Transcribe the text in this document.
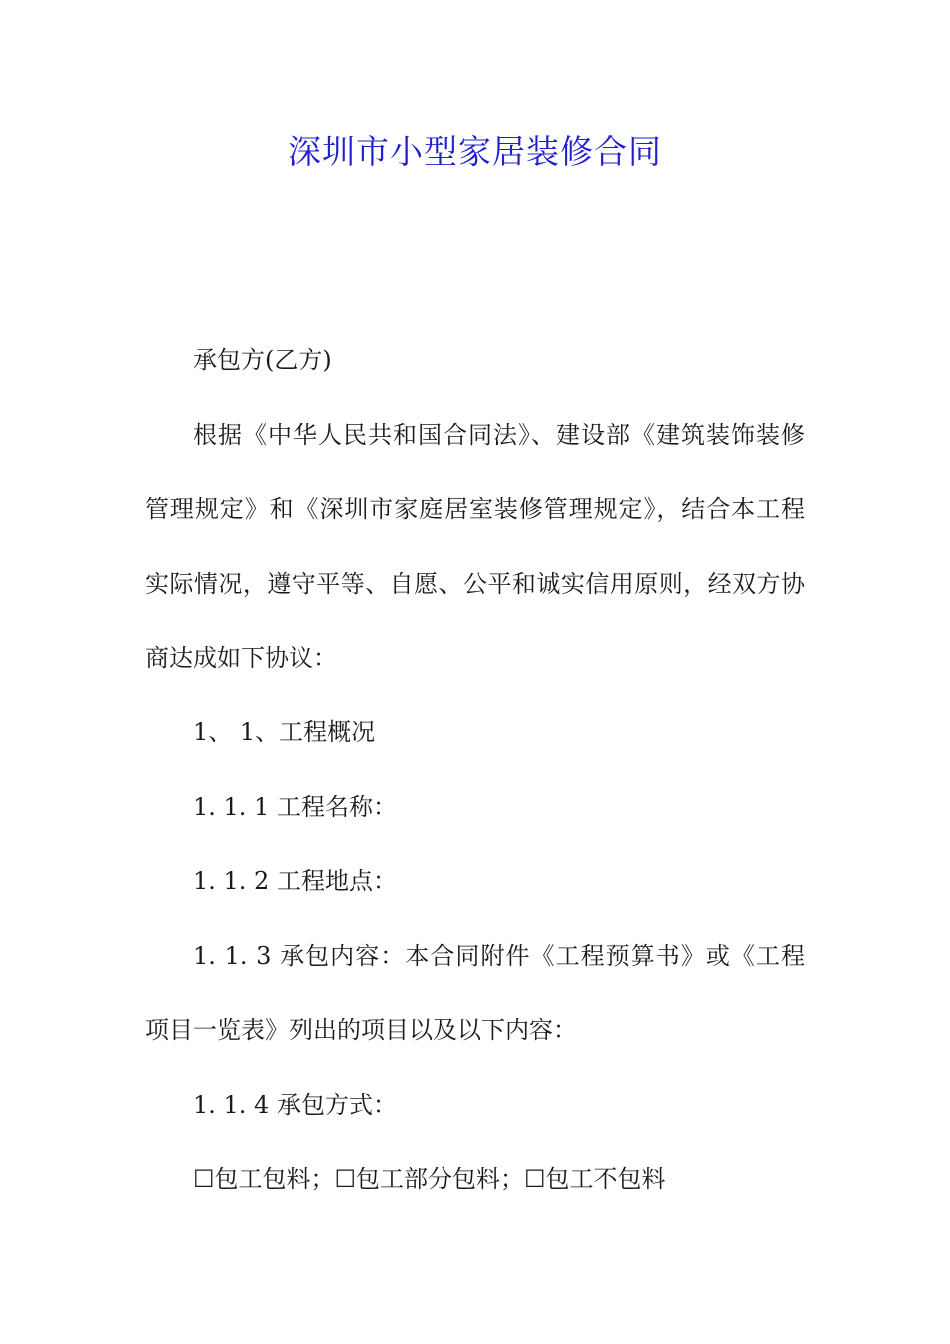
深圳市小型家居装修合同
承包方(乙方)
根据《中华人民共和国合同法》、建设部《建筑装饰装修
管理规定》和《深圳市家庭居室装修管理规定》，结合本工程
实际情况，遵守平等、自愿、公平和诚实信用原则，经双方协
商达成如下协议：
1、 1、工程概况
1. 1. 1 工程名称：
1. 1. 2 工程地点：
1. 1. 3 承包内容：本合同附件《工程预算书》或《工程
项目一览表》列出的项目以及以下内容：
1. 1. 4 承包方式：
☐包工包料；☐包工部分包料；☐包工不包料
